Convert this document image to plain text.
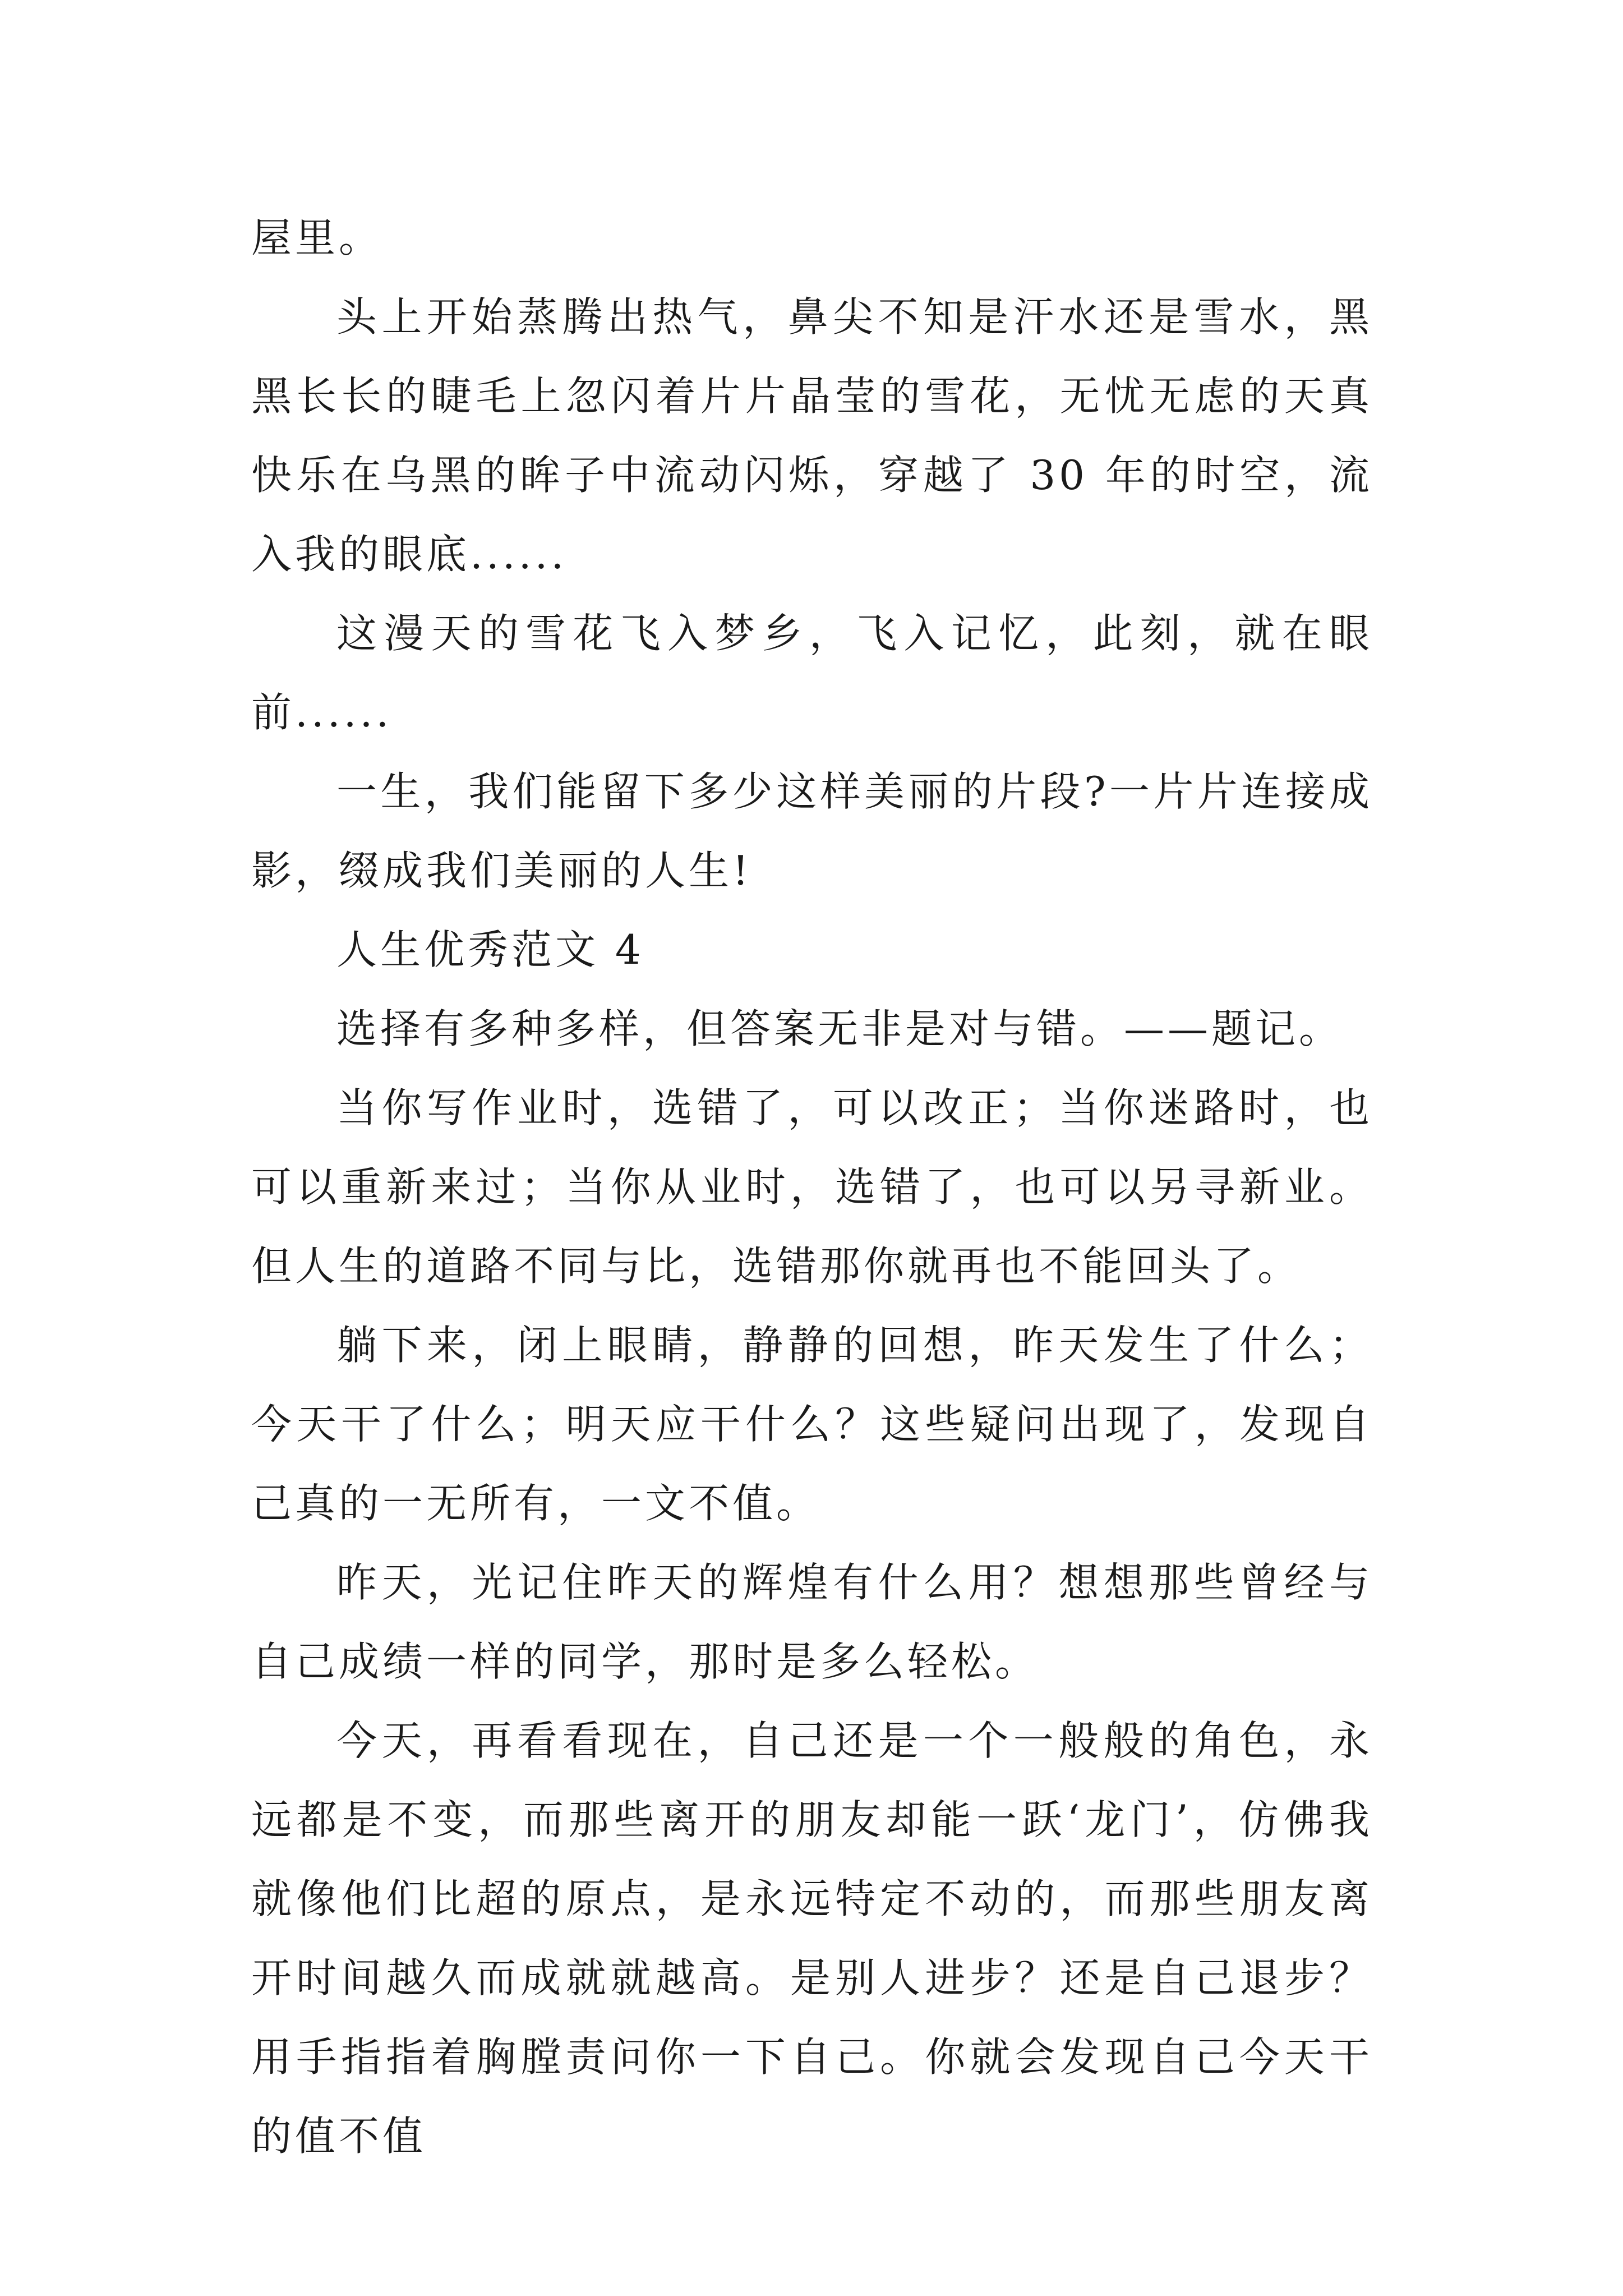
屋里。

头上开始蒸腾出热气，鼻尖不知是汗水还是雪水，黑黑长长的睫毛上忽闪着片片晶莹的雪花，无忧无虑的天真快乐在乌黑的眸子中流动闪烁，穿越了 30 年的时空，流入我的眼底......

这漫天的雪花飞入梦乡，飞入记忆，此刻，就在眼前......

一生，我们能留下多少这样美丽的片段?一片片连接成影，缀成我们美丽的人生!

人生优秀范文 4

选择有多种多样，但答案无非是对与错。——题记。

当你写作业时，选错了，可以改正；当你迷路时，也可以重新来过；当你从业时，选错了，也可以另寻新业。但人生的道路不同与比，选错那你就再也不能回头了。

躺下来，闭上眼睛，静静的回想，昨天发生了什么；今天干了什么；明天应干什么？这些疑问出现了，发现自己真的一无所有，一文不值。

昨天，光记住昨天的辉煌有什么用？想想那些曾经与自己成绩一样的同学，那时是多么轻松。

今天，再看看现在，自己还是一个一般般的角色，永远都是不变，而那些离开的朋友却能一跃‘龙门’，仿佛我就像他们比超的原点，是永远特定不动的，而那些朋友离开时间越久而成就就越高。是别人进步？还是自己退步？用手指指着胸膛责问你一下自己。你就会发现自己今天干的值不值
